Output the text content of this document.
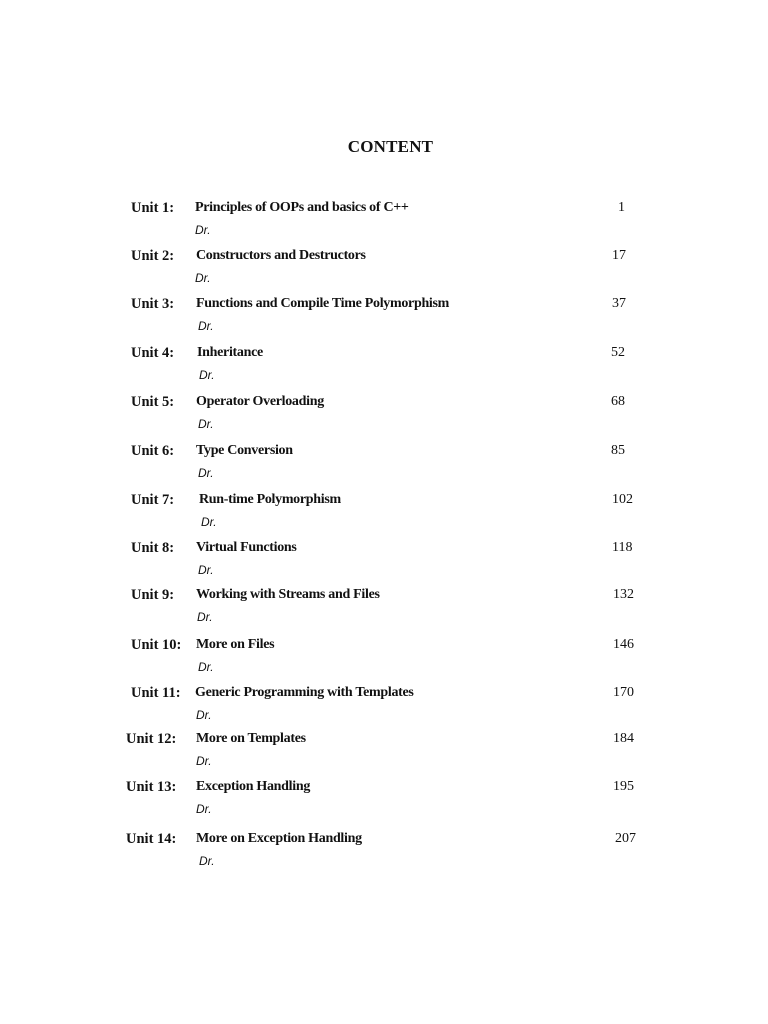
CONTENT
Unit 1: Principles of OOPs and basics of C++
Dr.
1
Unit 2: Constructors and Destructors
Dr.
17
Unit 3: Functions and Compile Time Polymorphism
Dr.
37
Unit 4: Inheritance
Dr.
52
Unit 5: Operator Overloading
Dr.
68
Unit 6: Type Conversion
Dr.
85
Unit 7: Run‑time Polymorphism
Dr.
102
Unit 8: Virtual Functions
Dr.
118
Unit 9: Working with Streams and Files
Dr.
132
Unit 10: More on Files
Dr.
146
Unit 11: Generic Programming with Templates
Dr.
170
Unit 12: More on Templates
Dr.
184
Unit 13: Exception Handling
Dr.
195
Unit 14: More on Exception Handling
Dr.
207
